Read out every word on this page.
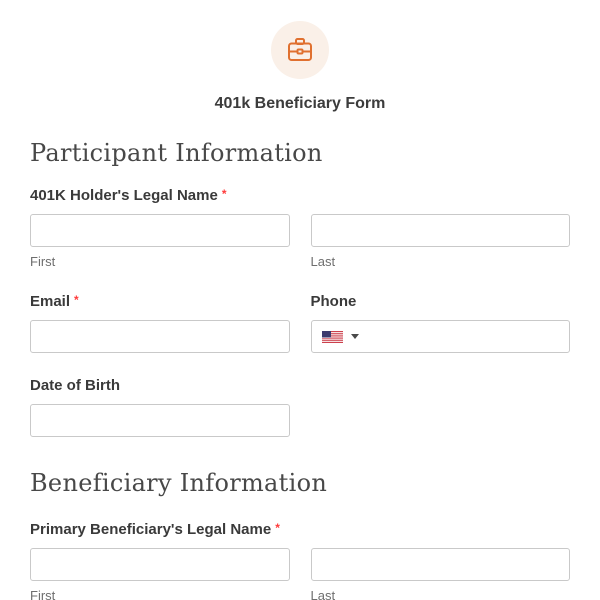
401k Beneficiary Form
Participant Information
401K Holder's Legal Name *
First	Last
Email *	Phone
Date of Birth
Beneficiary Information
Primary Beneficiary's Legal Name *
First	Last
